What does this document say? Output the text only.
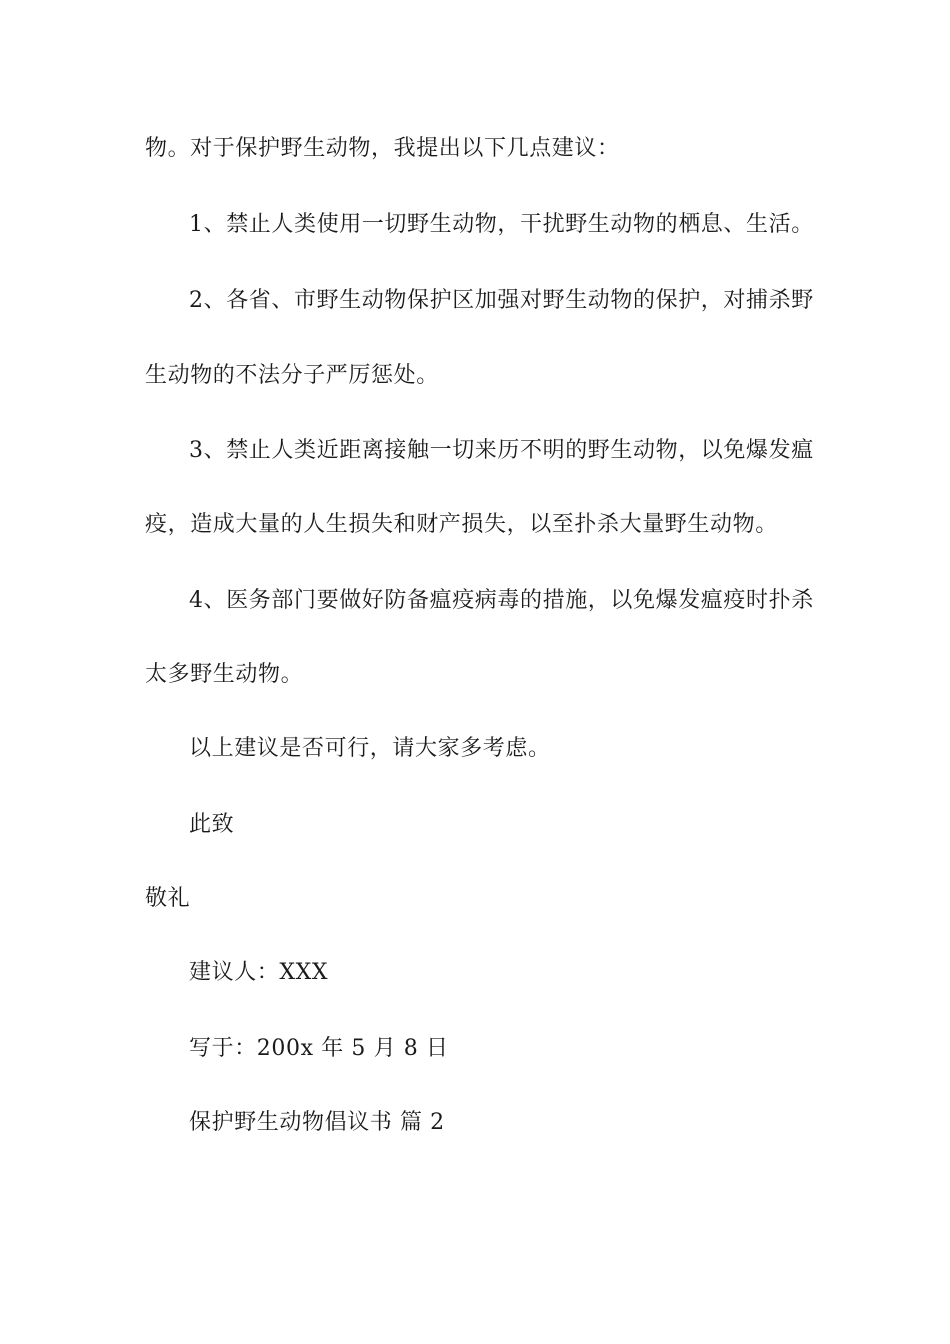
物。对于保护野生动物，我提出以下几点建议：
1、禁止人类使用一切野生动物，干扰野生动物的栖息、生活。
2、各省、市野生动物保护区加强对野生动物的保护，对捕杀野
生动物的不法分子严厉惩处。
3、禁止人类近距离接触一切来历不明的野生动物，以免爆发瘟
疫，造成大量的人生损失和财产损失，以至扑杀大量野生动物。
4、医务部门要做好防备瘟疫病毒的措施，以免爆发瘟疫时扑杀
太多野生动物。
以上建议是否可行，请大家多考虑。
此致
敬礼
建议人：XXX
写于：200x 年 5 月 8 日
保护野生动物倡议书 篇 2
